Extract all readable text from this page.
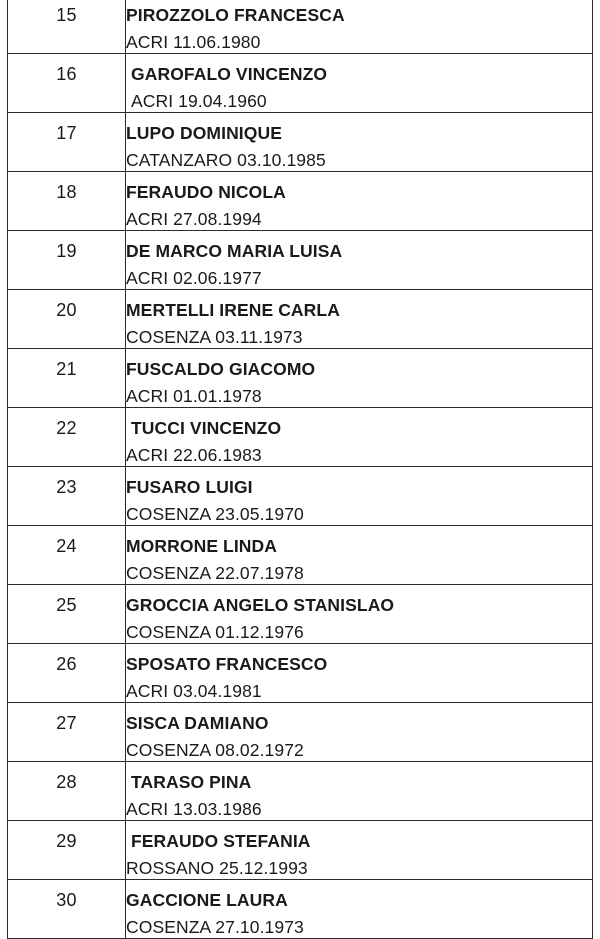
15	PIROZZOLO FRANCESCA
ACRI 11.06.1980

16	GAROFALO VINCENZO
ACRI 19.04.1960

17	LUPO DOMINIQUE
CATANZARO 03.10.1985

18	FERAUDO NICOLA
ACRI 27.08.1994

19	DE MARCO MARIA LUISA
ACRI 02.06.1977

20	MERTELLI IRENE CARLA
COSENZA 03.11.1973

21	FUSCALDO GIACOMO
ACRI 01.01.1978

22	TUCCI VINCENZO
ACRI 22.06.1983

23	FUSARO LUIGI
COSENZA 23.05.1970

24	MORRONE LINDA
COSENZA 22.07.1978

25	GROCCIA ANGELO STANISLAO
COSENZA 01.12.1976

26	SPOSATO FRANCESCO
ACRI 03.04.1981

27	SISCA DAMIANO
COSENZA 08.02.1972

28	TARASO PINA
ACRI 13.03.1986

29	FERAUDO STEFANIA
ROSSANO 25.12.1993

30	GACCIONE LAURA
COSENZA 27.10.1973
